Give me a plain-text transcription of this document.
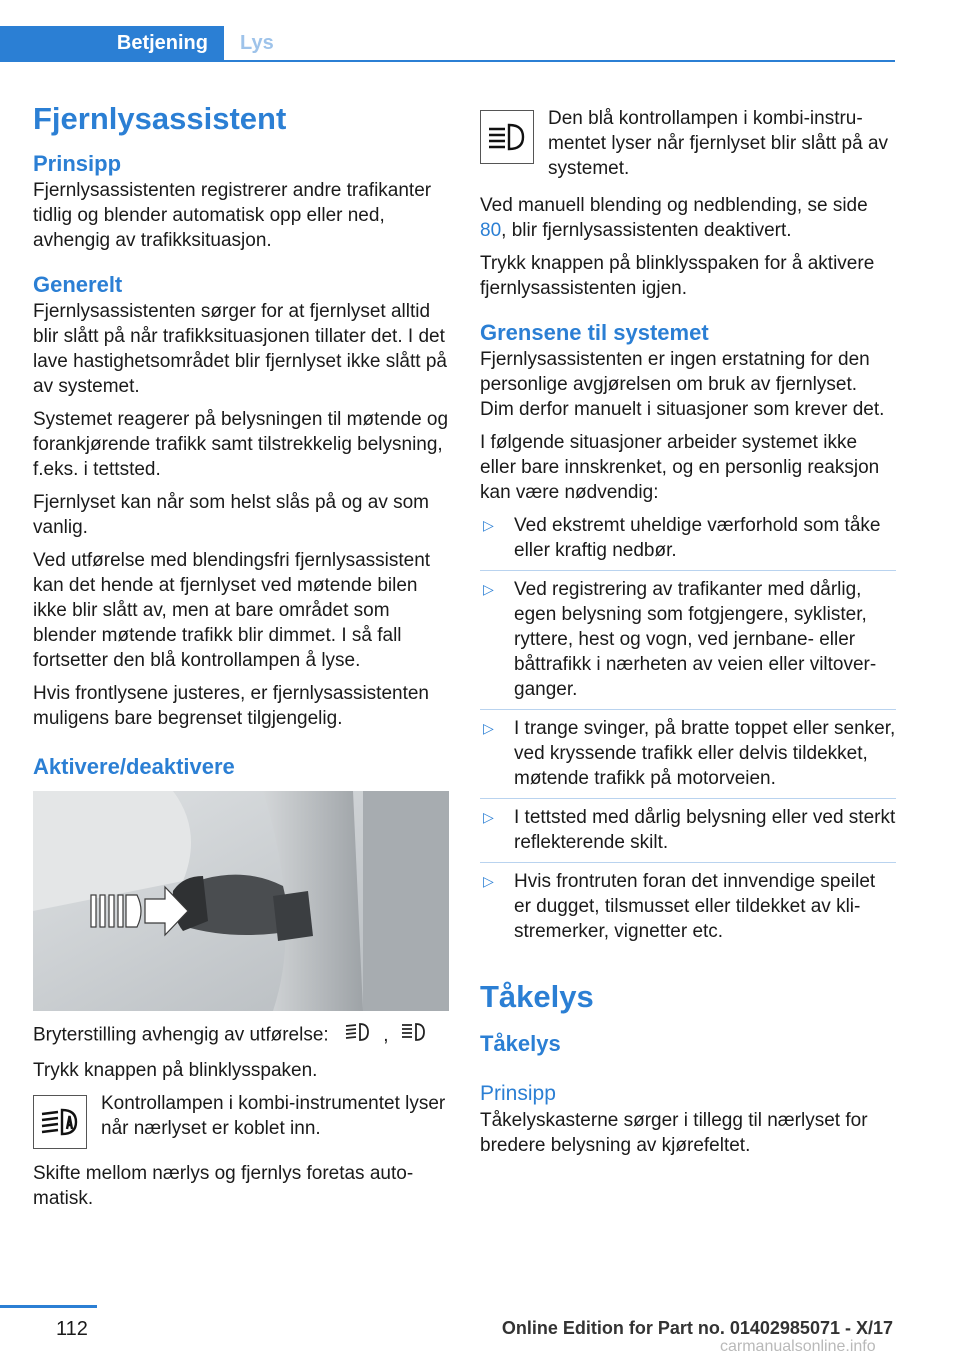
Betjening	Lys
Fjernlysassistent
Prinsipp

Fjernlysassistenten registrerer andre trafikanter tidlig og blender automatisk opp eller ned, avhengig av trafikksituasjon.

Generelt

Fjernlysassistenten sørger for at fjernlyset alltid blir slått på når trafikksituasjonen tillater det. I det lave hastighetsområdet blir fjernlyset ikke slått på av systemet.

Systemet reagerer på belysningen til møtende og forankjørende trafikk samt tilstrekkelig belysning, f.eks. i tettsted.

Fjernlyset kan når som helst slås på og av som vanlig.

Ved utførelse med blendingsfri fjernlysassistent kan det hende at fjernlyset ved møtende bilen ikke blir slått av, men at bare området som blender møtende trafikk blir dimmet. I så fall fortsetter den blå kontrollampen å lyse.

Hvis frontlysene justeres, er fjernlysassistenten muligens bare begrenset tilgjengelig.

Aktivere/deaktivere

Bryterstilling avhengig av utførelse:	,

Trykk knappen på blinklysspaken.

Kontrollampen i kombi-instrumentet lyser når nærlyset er koblet inn.

Skifte mellom nærlys og fjernlys foretas automatisk.

Den blå kontrollampen i kombi-instrumentet lyser når fjernlyset blir slått på av systemet.

Ved manuell blending og nedblending, se side 80, blir fjernlysassistenten deaktivert.

Trykk knappen på blinklysspaken for å aktivere fjernlysassistenten igjen.

Grensene til systemet

Fjernlysassistenten er ingen erstatning for den personlige avgjørelsen om bruk av fjernlyset. Dim derfor manuelt i situasjoner som krever det.

I følgende situasjoner arbeider systemet ikke eller bare innskrenket, og en personlig reaksjon kan være nødvendig:

▷ Ved ekstremt uheldige værforhold som tåke eller kraftig nedbør.
▷ Ved registrering av trafikanter med dårlig, egen belysning som fotgjengere, syklister, ryttere, hest og vogn, ved jernbane- eller båttrafikk i nærheten av veien eller viltoverganger.
▷ I trange svinger, på bratte toppet eller senker, ved kryssende trafikk eller delvis tildekket, møtende trafikk på motorveien.
▷ I tettsted med dårlig belysning eller ved sterkt reflekterende skilt.
▷ Hvis frontruten foran det innvendige speilet er dugget, tilsmusset eller tildekket av klistremerker, vignetter etc.
Tåkelys
Tåkelys
Prinsipp

Tåkelyskasterne sørger i tillegg til nærlyset for bredere belysning av kjørefeltet.

112	Online Edition for Part no. 01402985071 - X/17
carmanualsonline.info
